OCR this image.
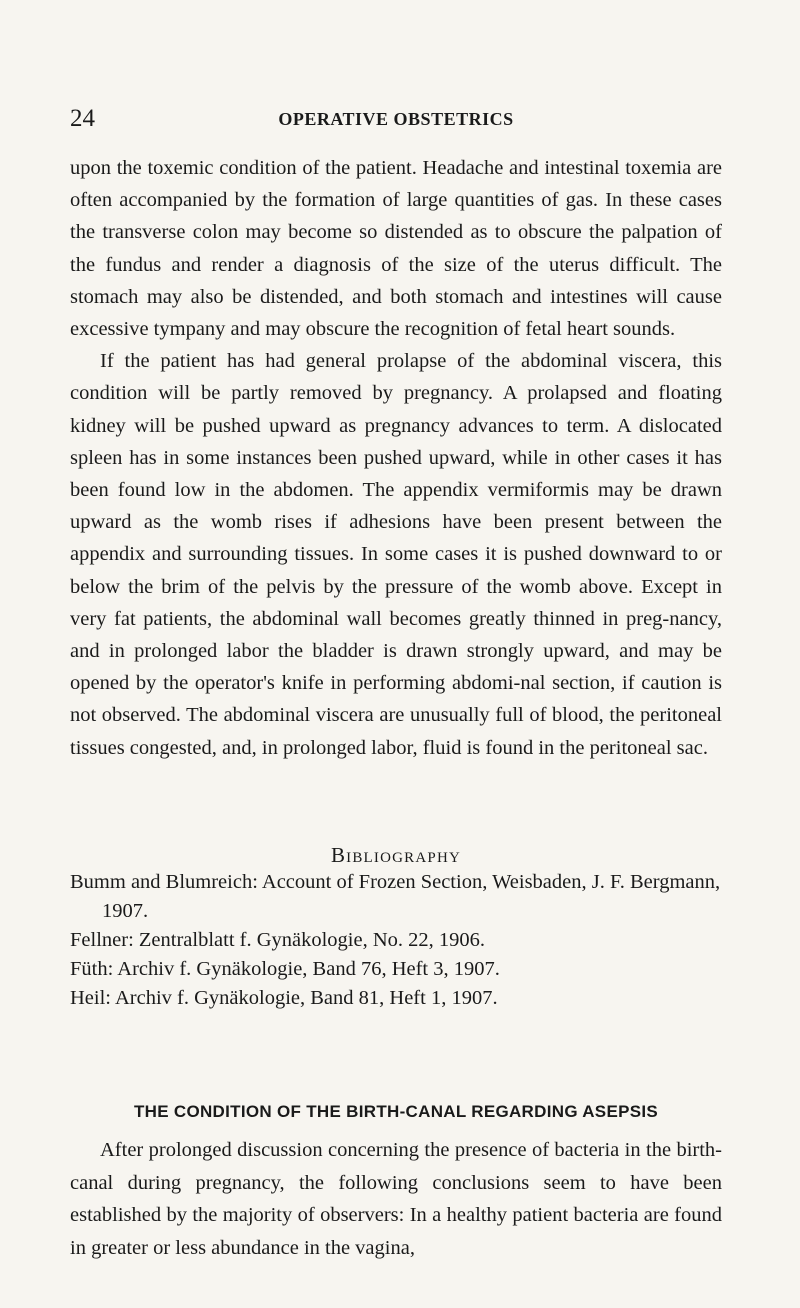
24	OPERATIVE OBSTETRICS

upon the toxemic condition of the patient. Headache and intestinal toxemia are often accompanied by the formation of large quantities of gas. In these cases the transverse colon may become so distended as to obscure the palpation of the fundus and render a diagnosis of the size of the uterus difficult. The stomach may also be distended, and both stomach and intestines will cause excessive tympany and may obscure the recognition of fetal heart sounds.

If the patient has had general prolapse of the abdominal viscera, this condition will be partly removed by pregnancy. A prolapsed and floating kidney will be pushed upward as pregnancy advances to term. A dislocated spleen has in some instances been pushed upward, while in other cases it has been found low in the abdomen. The appendix vermiformis may be drawn upward as the womb rises if adhesions have been present between the appendix and surrounding tissues. In some cases it is pushed downward to or below the brim of the pelvis by the pressure of the womb above. Except in very fat patients, the abdominal wall becomes greatly thinned in preg-nancy, and in prolonged labor the bladder is drawn strongly upward, and may be opened by the operator's knife in performing abdomi-nal section, if caution is not observed. The abdominal viscera are unusually full of blood, the peritoneal tissues congested, and, in prolonged labor, fluid is found in the peritoneal sac.

Bibliography
Bumm and Blumreich: Account of Frozen Section, Weisbaden, J. F. Bergmann, 1907.
Fellner: Zentralblatt f. Gynäkologie, No. 22, 1906.
Füth: Archiv f. Gynäkologie, Band 76, Heft 3, 1907.
Heil: Archiv f. Gynäkologie, Band 81, Heft 1, 1907.
THE CONDITION OF THE BIRTH-CANAL REGARDING ASEPSIS

After prolonged discussion concerning the presence of bacteria in the birth-canal during pregnancy, the following conclusions seem to have been established by the majority of observers: In a healthy patient bacteria are found in greater or less abundance in the vagina,
